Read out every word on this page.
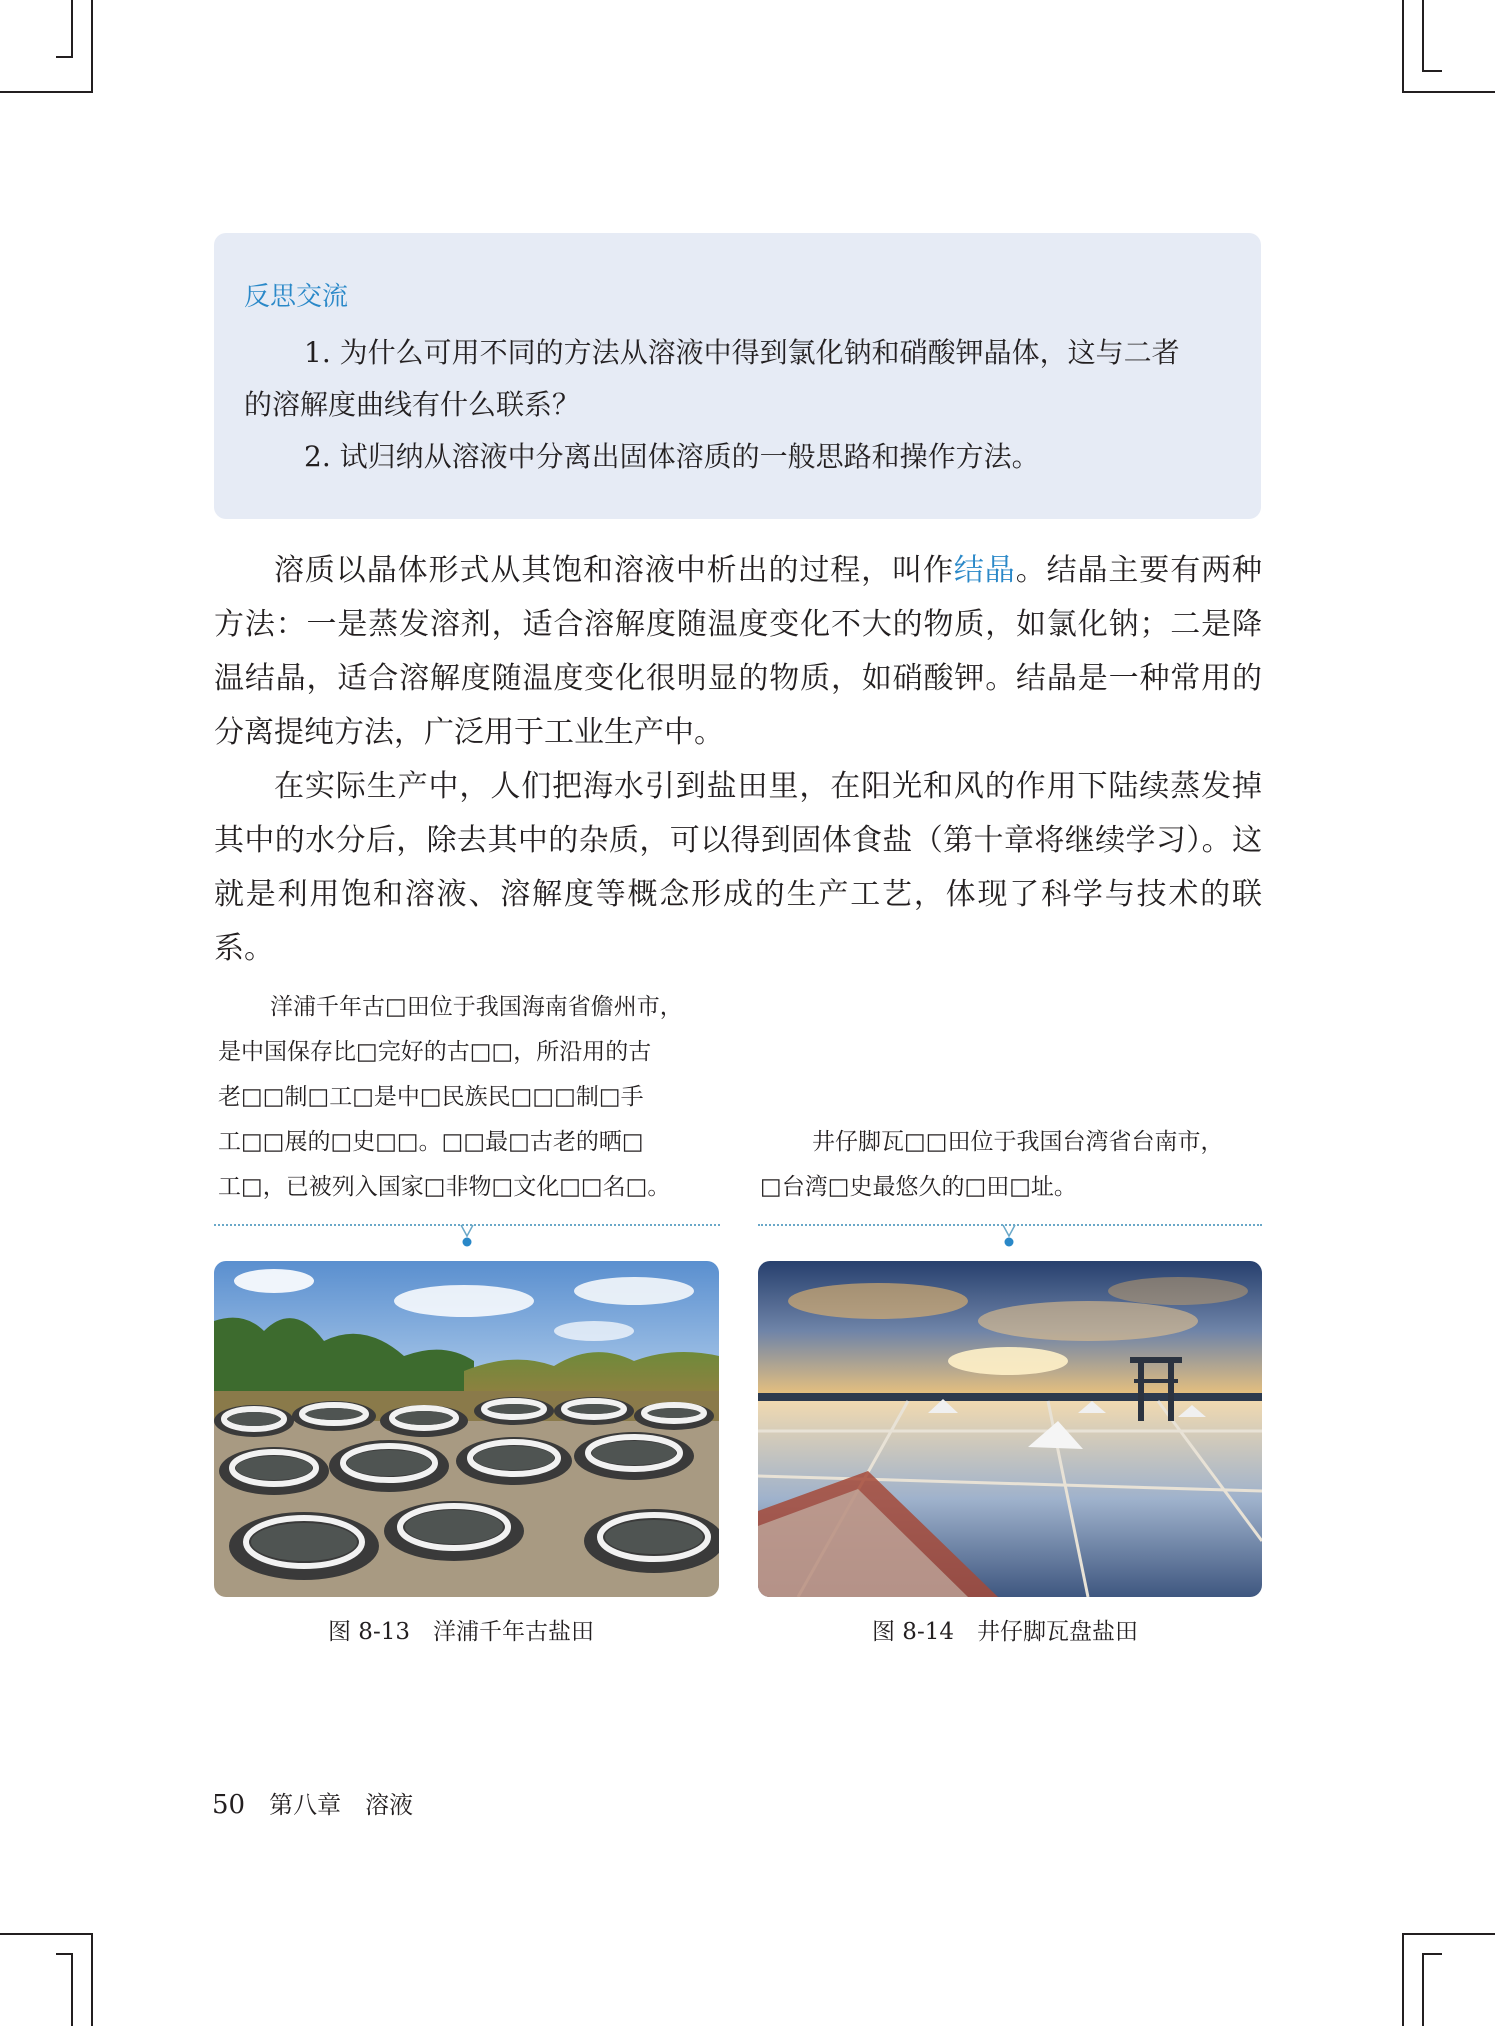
反思交流

1. 为什么可用不同的方法从溶液中得到氯化钠和硝酸钾晶体，这与二者

的溶解度曲线有什么联系？

2. 试归纳从溶液中分离出固体溶质的一般思路和操作方法。

溶质以晶体形式从其饱和溶液中析出的过程，叫作结晶。结晶主要有两种方法：一是蒸发溶剂，适合溶解度随温度变化不大的物质，如氯化钠；二是降温结晶，适合溶解度随温度变化很明显的物质，如硝酸钾。结晶是一种常用的分离提纯方法，广泛用于工业生产中。

在实际生产中，人们把海水引到盐田里，在阳光和风的作用下陆续蒸发掉其中的水分后，除去其中的杂质，可以得到固体食盐（第十章将继续学习）。这就是利用饱和溶液、溶解度等概念形成的生产工艺，体现了科学与技术的联系。

洋浦千年古□田位于我国海南省儋州市，

是中国保存比□完好的古□□，所沿用的古

老□□制□工□是中□民族民□□□制□手

工□□展的□史□□。□□最□古老的晒□

工□，已被列入国家□非物□文化□□名□。

井仔脚瓦□□田位于我国台湾省台南市，

□台湾□史最悠久的□田□址。

图 8-13　洋浦千年古盐田	图 8-14　井仔脚瓦盘盐田
50 第八章　溶液
